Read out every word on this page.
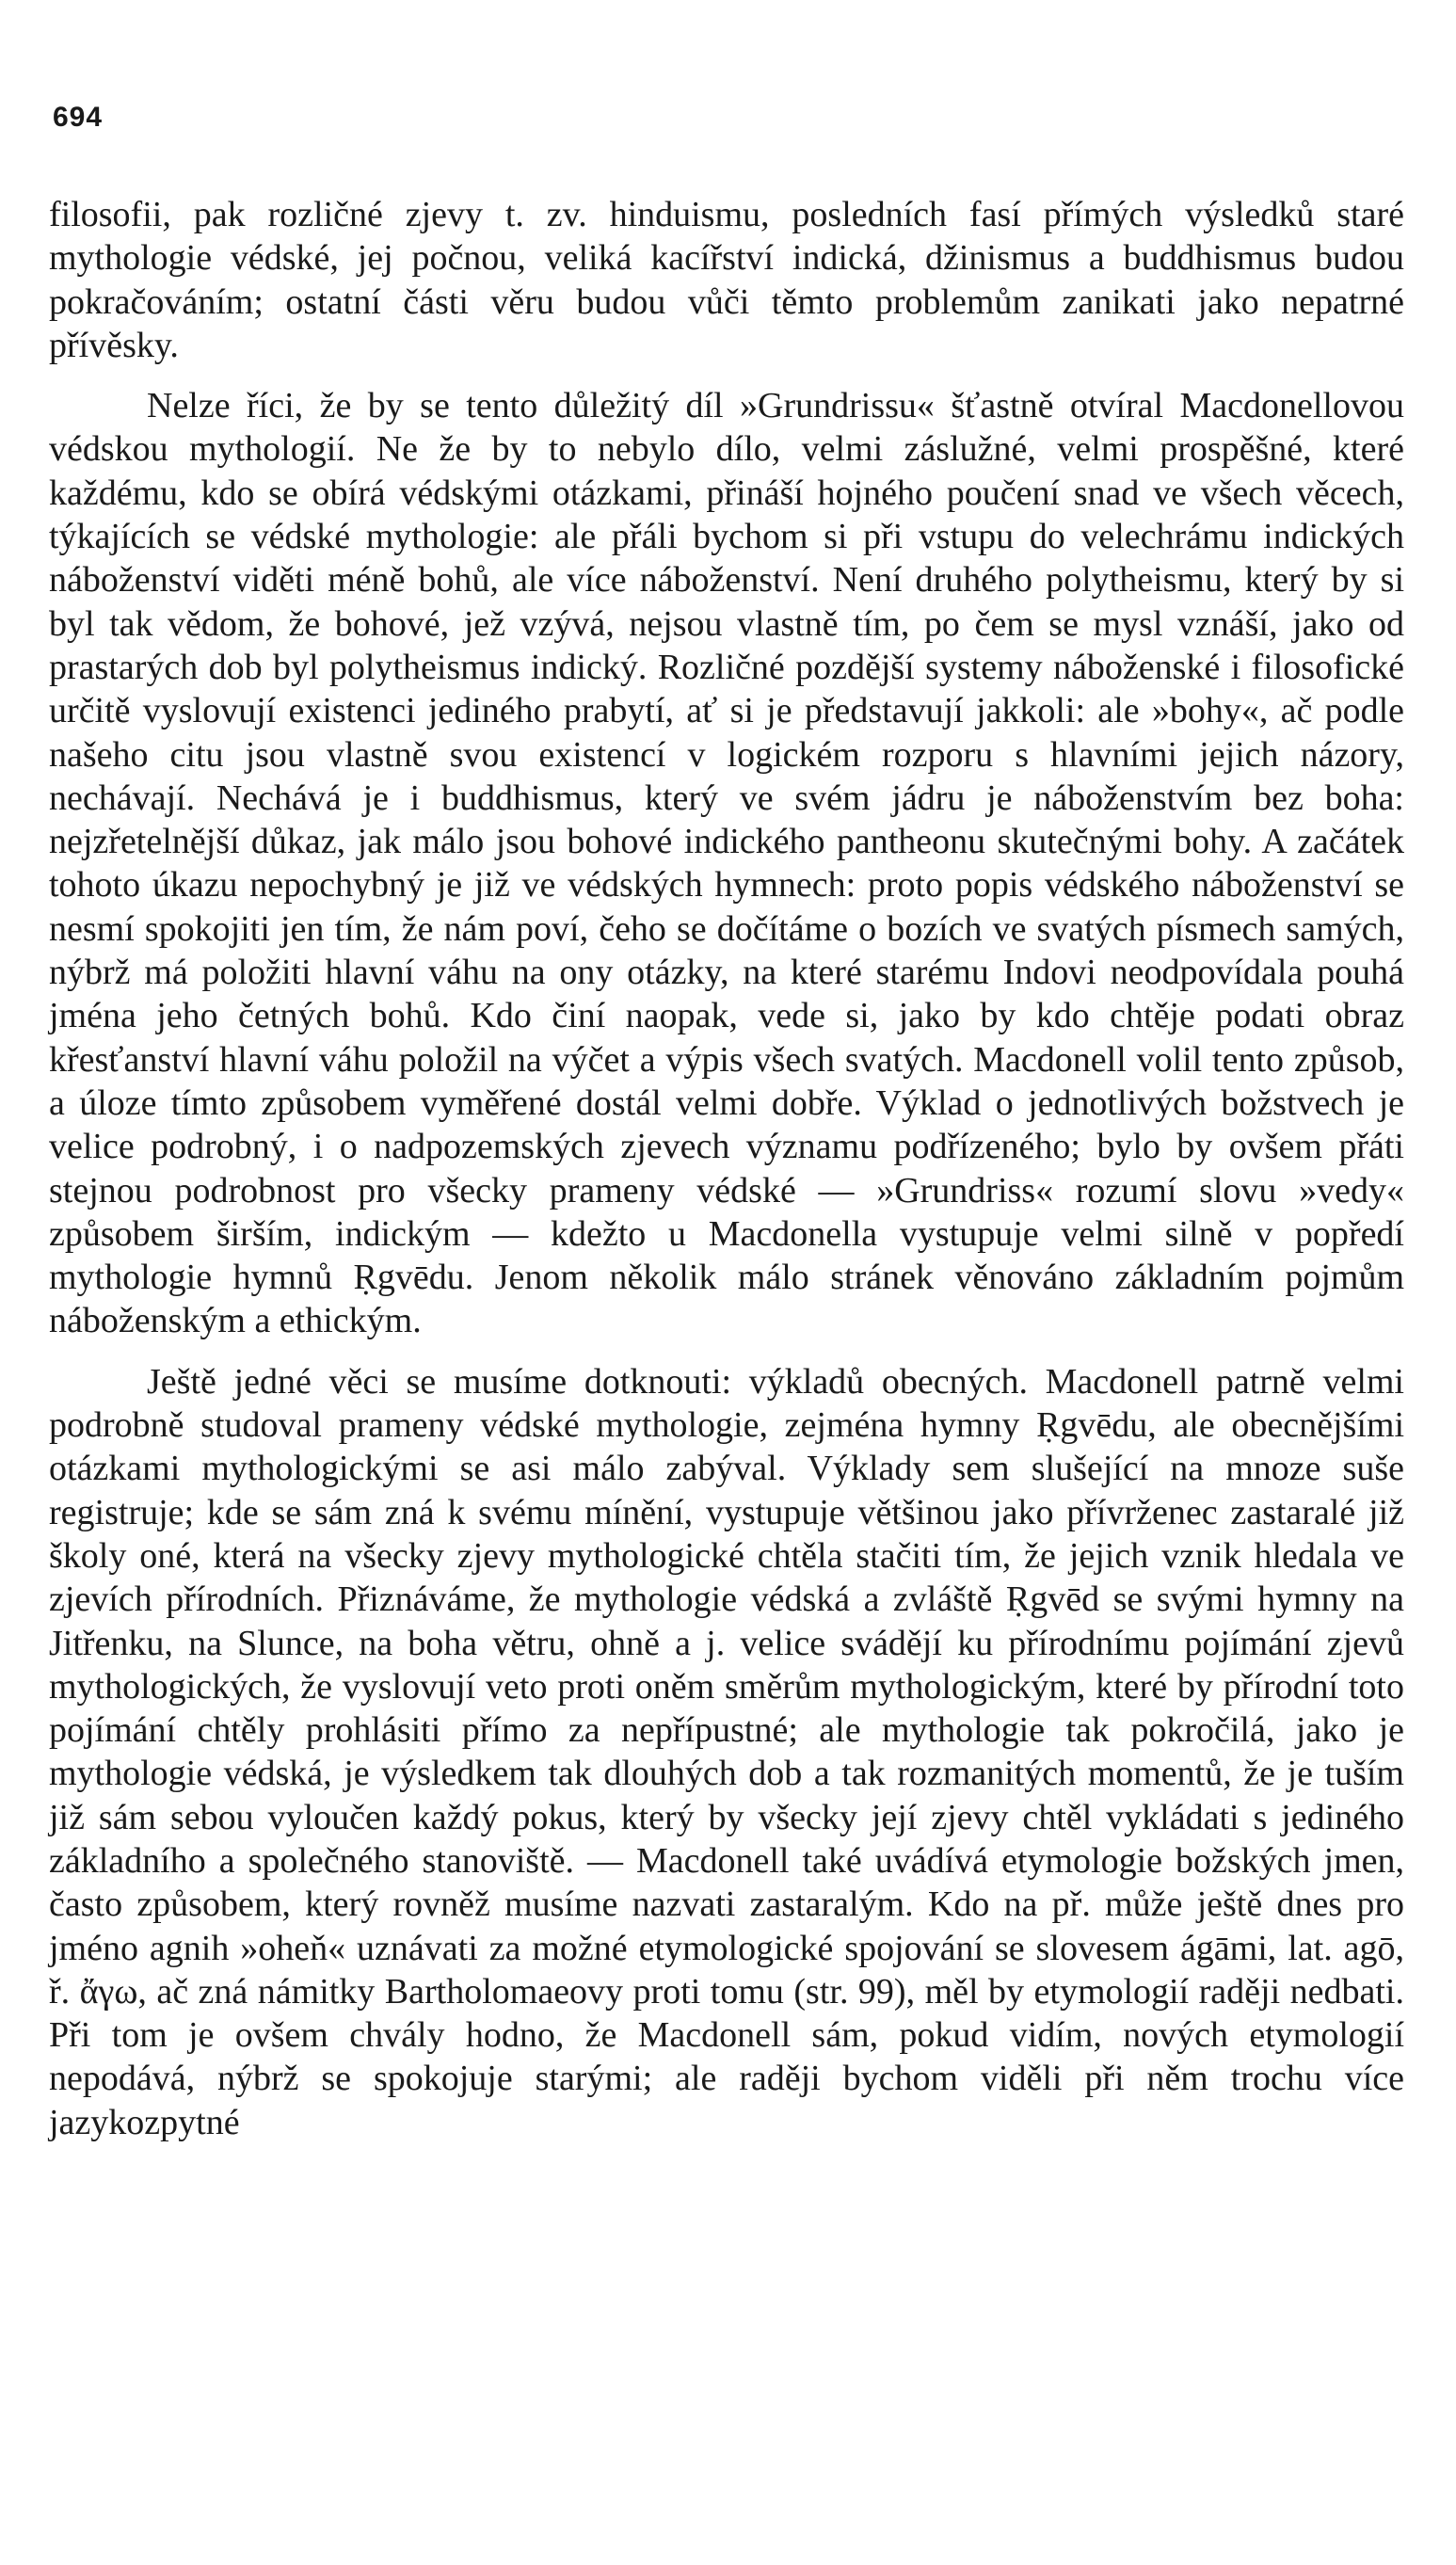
694

filosofii, pak rozličné zjevy t. zv. hinduismu, posledních fasí přímých výsledků staré mythologie védské, jej počnou, veliká kacířství indická, džinismus a buddhismus budou pokračováním; ostatní části věru budou vůči těmto problemům zanikati jako nepatrné přívěsky.

Nelze říci, že by se tento důležitý díl »Grundrissu« šťastně otvíral Macdonellovou védskou mythologií. Ne že by to nebylo dílo, velmi záslužné, velmi prospěšné, které každému, kdo se obírá védskými otázkami, přináší hojného poučení snad ve všech věcech, týkajících se védské mythologie: ale přáli bychom si při vstupu do velechrámu indických náboženství viděti méně bohů, ale více náboženství. Není druhého polytheismu, který by si byl tak vědom, že bohové, jež vzývá, nejsou vlastně tím, po čem se mysl vznáší, jako od prastarých dob byl polytheismus indický. Rozličné pozdější systemy náboženské i filosofické určitě vyslovují existenci jediného prabytí, ať si je představují jakkoli: ale »bohy«, ač podle našeho citu jsou vlastně svou existencí v logickém rozporu s hlavními jejich názory, nechávají. Nechává je i buddhismus, který ve svém jádru je náboženstvím bez boha: nejzřetelnější důkaz, jak málo jsou bohové indického pantheonu skutečnými bohy. A začátek tohoto úkazu nepochybný je již ve védských hymnech: proto popis védského náboženství se nesmí spokojiti jen tím, že nám poví, čeho se dočítáme o bozích ve svatých písmech samých, nýbrž má položiti hlavní váhu na ony otázky, na které starému Indovi neodpovídala pouhá jména jeho četných bohů. Kdo činí naopak, vede si, jako by kdo chtěje podati obraz křesťanství hlavní váhu položil na výčet a výpis všech svatých. Macdonell volil tento způsob, a úloze tímto způsobem vyměřené dostál velmi dobře. Výklad o jednotlivých božstvech je velice podrobný, i o nadpozemských zjevech významu podřízeného; bylo by ovšem přáti stejnou podrobnost pro všecky prameny védské — »Grundriss« rozumí slovu »vedy« způsobem širším, indickým — kdežto u Macdonella vystupuje velmi silně v popředí mythologie hymnů Ṛgvēdu. Jenom několik málo stránek věnováno základním pojmům náboženským a ethickým.

Ještě jedné věci se musíme dotknouti: výkladů obecných. Macdonell patrně velmi podrobně studoval prameny védské mythologie, zejména hymny Ṛgvēdu, ale obecnějšími otázkami mythologickými se asi málo zabýval. Výklady sem slušející na mnoze suše registruje; kde se sám zná k svému mínění, vystupuje většinou jako přívrženec zastaralé již školy oné, která na všecky zjevy mythologické chtěla stačiti tím, že jejich vznik hledala ve zjevích přírodních. Přiznáváme, že mythologie védská a zvláště Ṛgvēd se svými hymny na Jitřenku, na Slunce, na boha větru, ohně a j. velice svádějí ku přírodnímu pojímání zjevů mythologických, že vyslovují veto proti oněm směrům mythologickým, které by přírodní toto pojímání chtěly prohlásiti přímo za nepřípustné; ale mythologie tak pokročilá, jako je mythologie védská, je výsledkem tak dlouhých dob a tak rozmanitých momentů, že je tuším již sám sebou vyloučen každý pokus, který by všecky její zjevy chtěl vykládati s jediného základního a společného stanoviště. — Macdonell také uvádívá etymologie božských jmen, často způsobem, který rovněž musíme nazvati zastaralým. Kdo na př. může ještě dnes pro jméno agnih »oheň« uznávati za možné etymologické spojování se slovesem ágāmi, lat. agō, ř. ἄγω, ač zná námitky Bartholomaeovy proti tomu (str. 99), měl by etymologií raději nedbati. Při tom je ovšem chvály hodno, že Macdonell sám, pokud vidím, nových etymologií nepodává, nýbrž se spokojuje starými; ale raději bychom viděli při něm trochu více jazykozpytné
